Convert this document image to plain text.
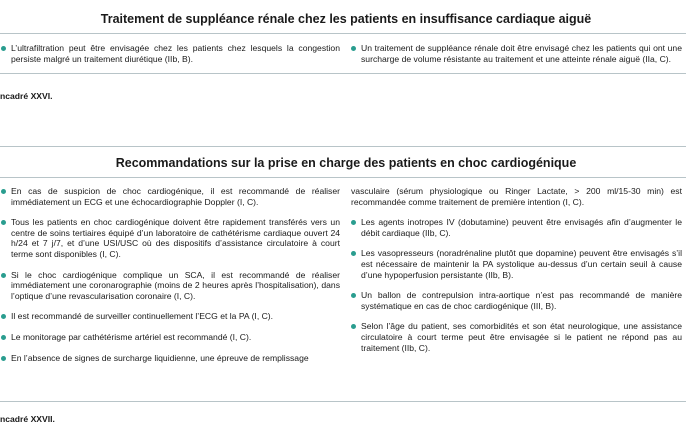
Traitement de suppléance rénale chez les patients en insuffisance cardiaque aiguë
L’ultrafiltration peut être envisagée chez les patients chez lesquels la congestion persiste malgré un traitement diurétique (IIb, B).
Un traitement de suppléance rénale doit être envisagé chez les patients qui ont une surcharge de volume résistante au traitement et une atteinte rénale aiguë (IIa, C).
ncadré XXVI.
Recommandations sur la prise en charge des patients en choc cardiogénique
En cas de suspicion de choc cardiogénique, il est recommandé de réaliser immédiatement un ECG et une échocardiographie Doppler (I, C).
Tous les patients en choc cardiogénique doivent être rapidement transférés vers un centre de soins tertiaires équipé d’un laboratoire de cathétérisme cardiaque ouvert 24 h/24 et 7 j/7, et d’une USI/USC où des dispositifs d’assistance circulatoire à court terme sont disponibles (I, C).
Si le choc cardiogénique complique un SCA, il est recommandé de réaliser immédiatement une coronarographie (moins de 2 heures après l’hospitalisation), dans l’optique d’une revascularisation coronaire (I, C).
Il est recommandé de surveiller continuellement l’ECG et la PA (I, C).
Le monitorage par cathétérisme artériel est recommandé (I, C).
En l’absence de signes de surcharge liquidienne, une épreuve de remplissage
vasculaire (sérum physiologique ou Ringer Lactate, > 200 ml/15-30 min) est recommandée comme traitement de première intention (I, C).
Les agents inotropes IV (dobutamine) peuvent être envisagés afin d’augmenter le débit cardiaque (IIb, C).
Les vasopresseurs (noradrénaline plutôt que dopamine) peuvent être envisagés s’il est nécessaire de maintenir la PA systolique au-dessus d’un certain seuil à cause d’une hypoperfusion persistante (IIb, B).
Un ballon de contrepulsion intra-aortique n’est pas recommandé de manière systématique en cas de choc cardiogénique (III, B).
Selon l’âge du patient, ses comorbidités et son état neurologique, une assistance circulatoire à court terme peut être envisagée si le patient ne répond pas au traitement (IIb, C).
ncadré XXVII.
